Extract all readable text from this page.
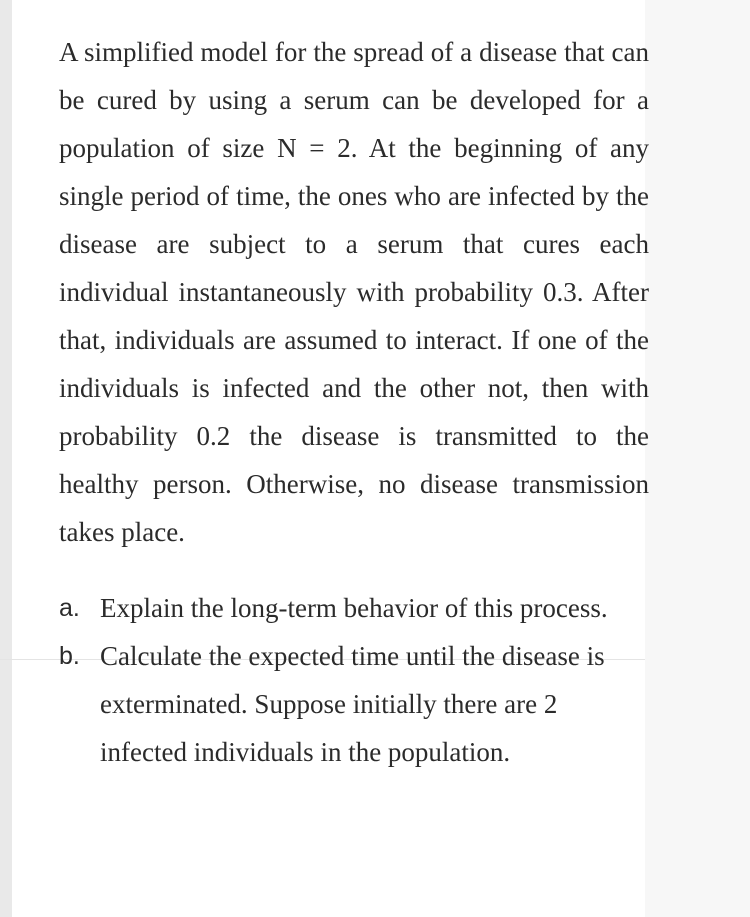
A simplified model for the spread of a disease that can be cured by using a serum can be developed for a population of size N = 2. At the beginning of any single period of time, the ones who are infected by the disease are subject to a serum that cures each individual instantaneously with probability 0.3. After that, individuals are assumed to interact. If one of the individuals is infected and the other not, then with probability 0.2 the disease is transmitted to the healthy person. Otherwise, no disease transmission takes place.

a. Explain the long-term behavior of this process.
b. Calculate the expected time until the disease is exterminated. Suppose initially there are 2 infected individuals in the population.
